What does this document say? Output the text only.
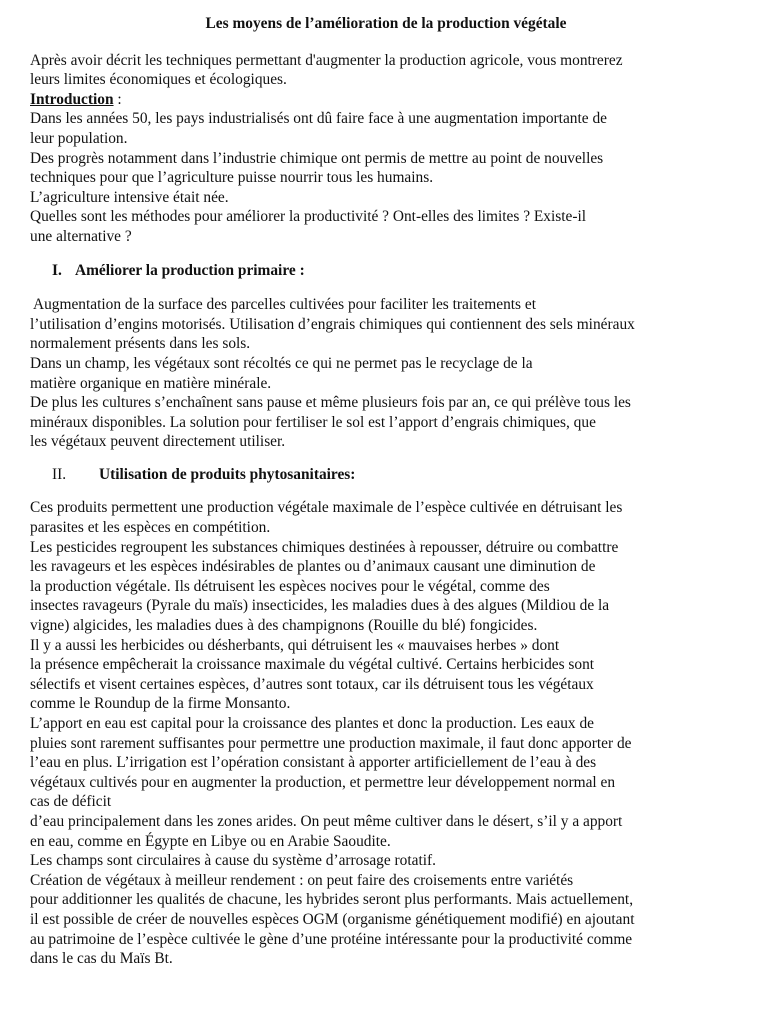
Les moyens de l’amélioration de la production végétale

Après avoir décrit les techniques permettant d'augmenter la production agricole, vous montrerez

leurs limites économiques et écologiques.

Introduction :

Dans les années 50, les pays industrialisés ont dû faire face à une augmentation importante de

leur population.

Des progrès notamment dans l’industrie chimique ont permis de mettre au point de nouvelles

techniques pour que l’agriculture puisse nourrir tous les humains.

L’agriculture intensive était née.

Quelles sont les méthodes pour améliorer la productivité ? Ont-elles des limites ? Existe-il

une alternative ?

I. Améliorer la production primaire :

Augmentation de la surface des parcelles cultivées pour faciliter les traitements et

l’utilisation d’engins motorisés. Utilisation d’engrais chimiques qui contiennent des sels minéraux

normalement présents dans les sols.

Dans un champ, les végétaux sont récoltés ce qui ne permet pas le recyclage de la

matière organique en matière minérale.

De plus les cultures s’enchaînent sans pause et même plusieurs fois par an, ce qui prélève tous les

minéraux disponibles. La solution pour fertiliser le sol est l’apport d’engrais chimiques, que

les végétaux peuvent directement utiliser.

II. Utilisation de produits phytosanitaires:

Ces produits permettent une production végétale maximale de l’espèce cultivée en détruisant les

parasites et les espèces en compétition.

Les pesticides regroupent les substances chimiques destinées à repousser, détruire ou combattre

les ravageurs et les espèces indésirables de plantes ou d’animaux causant une diminution de

la production végétale. Ils détruisent les espèces nocives pour le végétal, comme des

insectes ravageurs (Pyrale du maïs) insecticides, les maladies dues à des algues (Mildiou de la

vigne) algicides, les maladies dues à des champignons (Rouille du blé) fongicides.

Il y a aussi les herbicides ou désherbants, qui détruisent les « mauvaises herbes » dont

la présence empêcherait la croissance maximale du végétal cultivé. Certains herbicides sont

sélectifs et visent certaines espèces, d’autres sont totaux, car ils détruisent tous les végétaux

comme le Roundup de la firme Monsanto.

L’apport en eau est capital pour la croissance des plantes et donc la production. Les eaux de

pluies sont rarement suffisantes pour permettre une production maximale, il faut donc apporter de

l’eau en plus. L’irrigation est l’opération consistant à apporter artificiellement de l’eau à des

végétaux cultivés pour en augmenter la production, et permettre leur développement normal en

cas de déficit

d’eau principalement dans les zones arides. On peut même cultiver dans le désert, s’il y a apport

en eau, comme en Égypte en Libye ou en Arabie Saoudite.

Les champs sont circulaires à cause du système d’arrosage rotatif.

Création de végétaux à meilleur rendement : on peut faire des croisements entre variétés

pour additionner les qualités de chacune, les hybrides seront plus performants. Mais actuellement,

il est possible de créer de nouvelles espèces OGM (organisme génétiquement modifié) en ajoutant

au patrimoine de l’espèce cultivée le gène d’une protéine intéressante pour la productivité comme

dans le cas du Maïs Bt.
